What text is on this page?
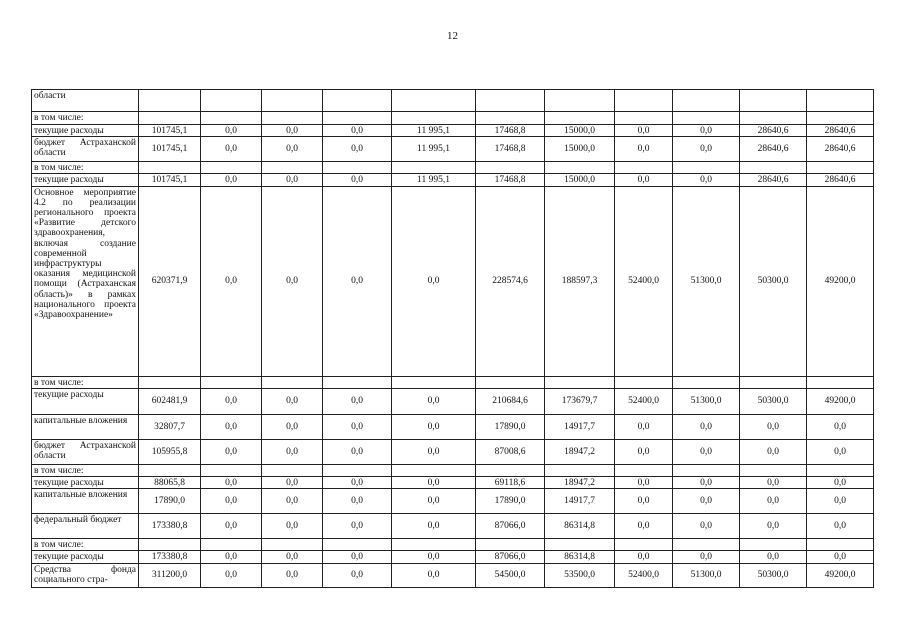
12
области											
в том числе:											
текущие расходы	101745,1	0,0	0,0	0,0	11 995,1	17468,8	15000,0	0,0	0,0	28640,6	28640,6
бюджет Астраханской области	101745,1	0,0	0,0	0,0	11 995,1	17468,8	15000,0	0,0	0,0	28640,6	28640,6
в том числе:											
текущие расходы	101745,1	0,0	0,0	0,0	11 995,1	17468,8	15000,0	0,0	0,0	28640,6	28640,6
Основное мероприятие 4.2 по реализации регионального проекта «Развитие детского здравоохранения, включая создание современной инфраструктуры оказания медицинской помощи (Астраханская область)» в рамках национального проекта «Здравоохранение»	620371,9	0,0	0,0	0,0	0,0	228574,6	188597,3	52400,0	51300,0	50300,0	49200,0
в том числе:											
текущие расходы	602481,9	0,0	0,0	0,0	0,0	210684,6	173679,7	52400,0	51300,0	50300,0	49200,0
капитальные вложения	32807,7	0,0	0,0	0,0	0,0	17890,0	14917,7	0,0	0,0	0,0	0,0
бюджет Астраханской области	105955,8	0,0	0,0	0,0	0,0	87008,6	18947,2	0,0	0,0	0,0	0,0
в том числе:											
текущие расходы	88065,8	0,0	0,0	0,0	0,0	69118,6	18947,2	0,0	0,0	0,0	0,0
капитальные вложения	17890,0	0,0	0,0	0,0	0,0	17890,0	14917,7	0,0	0,0	0,0	0,0
федеральный бюджет	173380,8	0,0	0,0	0,0	0,0	87066,0	86314,8	0,0	0,0	0,0	0,0
в том числе:											
текущие расходы	173380,8	0,0	0,0	0,0	0,0	87066,0	86314,8	0,0	0,0	0,0	0,0
Средства фонда социального стра-	311200,0	0,0	0,0	0,0	0,0	54500,0	53500,0	52400,0	51300,0	50300,0	49200,0
